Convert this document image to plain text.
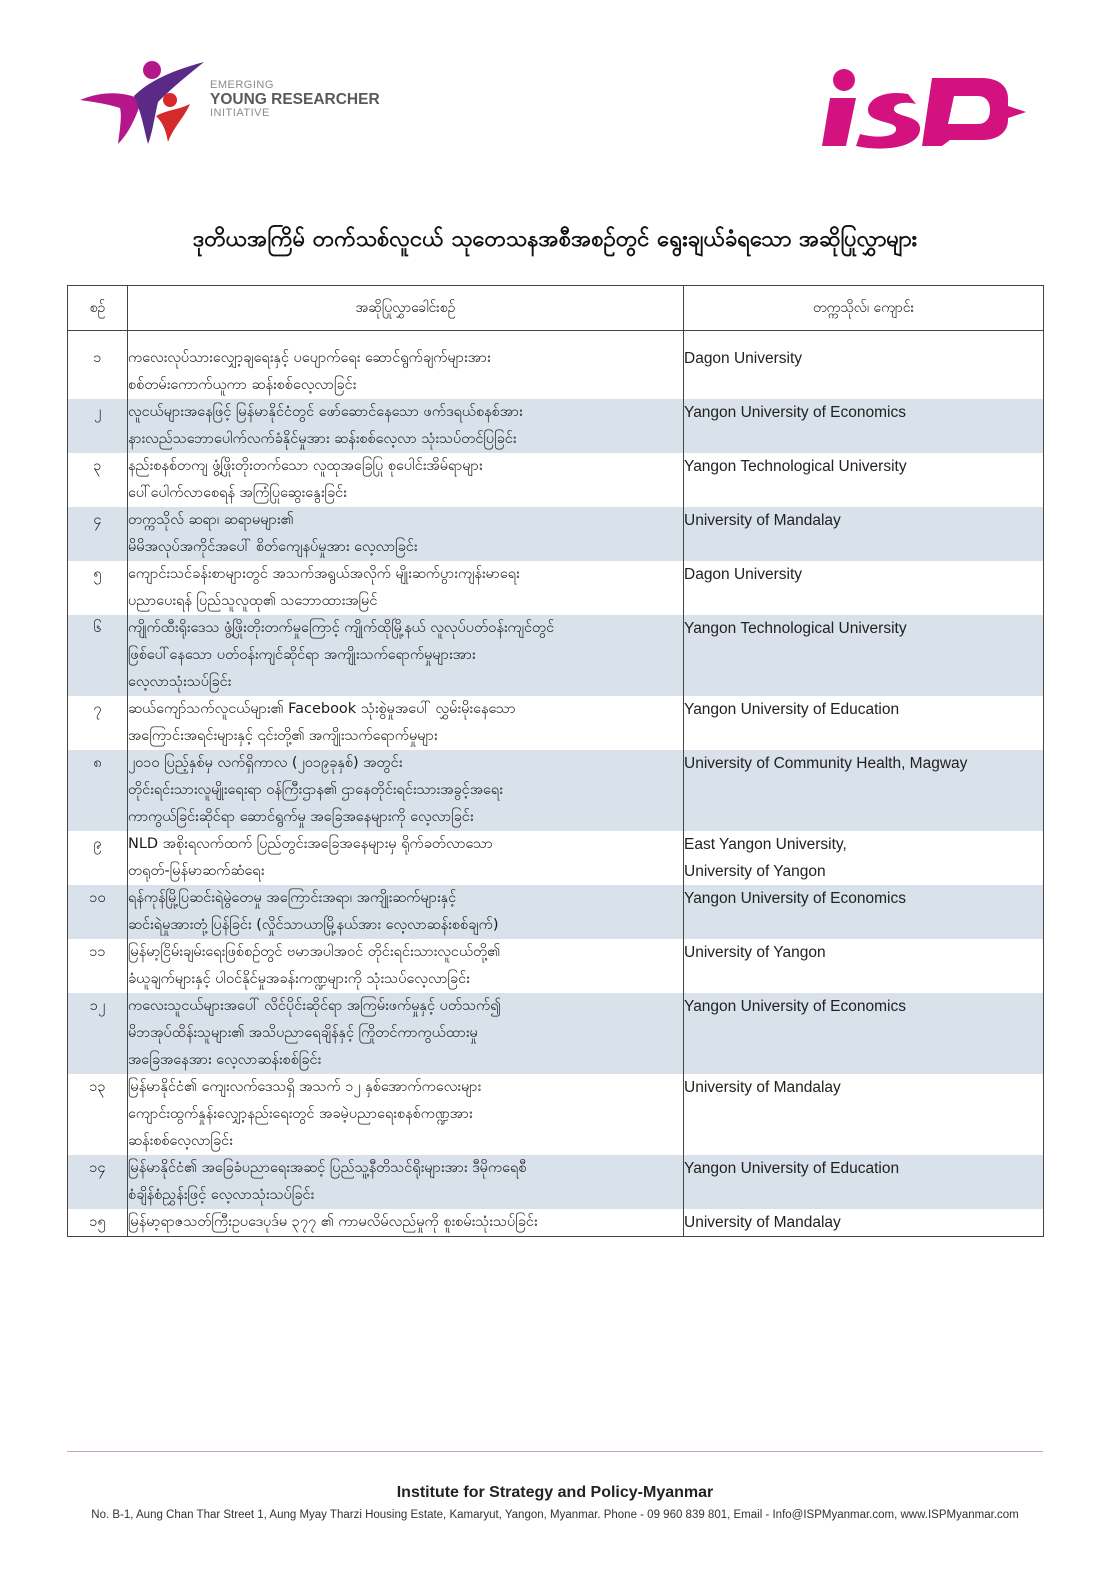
EMERGING
YOUNG RESEARCHER
INITIATIVE	iSP
ဒုတိယအကြိမ် တက်သစ်လူငယ် သုတေသနအစီအစဉ်တွင် ရွေးချယ်ခံရသော အဆိုပြုလွှာများ
စဉ်	အဆိုပြုလွှာခေါင်းစဉ်	တက္ကသိုလ်၊ ကျောင်း
၁	ကလေးလုပ်သားလျှော့ချရေးနှင့် ပပျောက်ရေး ဆောင်ရွက်ချက်များအား
စစ်တမ်းကောက်ယူကာ ဆန်းစစ်လေ့လာခြင်း	Dagon University

၂	လူငယ်များအနေဖြင့် မြန်မာနိုင်ငံတွင် ဖော်ဆောင်နေသော ဖက်ဒရယ်စနစ်အား
နားလည်သဘောပေါက်လက်ခံနိုင်မှုအား ဆန်းစစ်လေ့လာ သုံးသပ်တင်ပြခြင်း	Yangon University of Economics

၃	နည်းစနစ်တကျ ဖွံ့ဖြိုးတိုးတက်သော လူထုအခြေပြု စုပေါင်းအိမ်ရာများ
ပေါ်ပေါက်လာစေရန် အကြံပြုဆွေးနွေးခြင်း	Yangon Technological University

၄	တက္ကသိုလ် ဆရာ၊ ဆရာမများ၏
မိမိအလုပ်အကိုင်အပေါ် စိတ်ကျေနပ်မှုအား လေ့လာခြင်း	University of Mandalay

၅	ကျောင်းသင်ခန်းစာများတွင် အသက်အရွယ်အလိုက် မျိုးဆက်ပွားကျန်းမာရေး
ပညာပေးရန် ပြည်သူလူထု၏ သဘောထားအမြင်	Dagon University

၆	ကျိုက်ထီးရိုးဒေသ ဖွံ့ဖြိုးတိုးတက်မှုကြောင့် ကျိုက်ထိုမြို့နယ် လူလုပ်ပတ်ဝန်းကျင်တွင်
ဖြစ်ပေါ်နေသော ပတ်ဝန်းကျင်ဆိုင်ရာ အကျိုးသက်ရောက်မှုများအား
လေ့လာသုံးသပ်ခြင်း	Yangon Technological University

၇	ဆယ်ကျော်သက်လူငယ်များ၏ Facebook သုံးစွဲမှုအပေါ် လွှမ်းမိုးနေသော
အကြောင်းအရင်းများနှင့် ၎င်းတို့၏ အကျိုးသက်ရောက်မှုများ	Yangon University of Education

၈	၂၀၁၀ ပြည့်နှစ်မှ လက်ရှိကာလ (၂၀၁၉ခုနှစ်) အတွင်း
တိုင်းရင်းသားလူမျိုးရေးရာ ဝန်ကြီးဌာန၏ ဌာနေတိုင်းရင်းသားအခွင့်အရေး
ကာကွယ်ခြင်းဆိုင်ရာ ဆောင်ရွက်မှု အခြေအနေများကို လေ့လာခြင်း	University of Community Health, Magway

၉	NLD အစိုးရလက်ထက် ပြည်တွင်းအခြေအနေများမှ ရိုက်ခတ်လာသော
တရုတ်-မြန်မာဆက်ဆံရေး	East Yangon University,
University of Yangon

၁၀	ရန်ကုန်မြို့ပြဆင်းရဲမွဲတေမှု အကြောင်းအရာ၊ အကျိုးဆက်များနှင့်
ဆင်းရဲမှုအားတုံ့ပြန်ခြင်း (လှိုင်သာယာမြို့နယ်အား လေ့လာဆန်းစစ်ချက်)	Yangon University of Economics

၁၁	မြန်မာ့ငြိမ်းချမ်းရေးဖြစ်စဉ်တွင် ဗမာအပါအဝင် တိုင်းရင်းသားလူငယ်တို့၏
ခံယူချက်များနှင့် ပါဝင်နိုင်မှုအခန်းကဏ္ဍများကို သုံးသပ်လေ့လာခြင်း	University of Yangon

၁၂	ကလေးသူငယ်များအပေါ် လိင်ပိုင်းဆိုင်ရာ အကြမ်းဖက်မှုနှင့် ပတ်သက်၍
မိဘအုပ်ထိန်းသူများ၏ အသိပညာရေချိန်နှင့် ကြိုတင်ကာကွယ်ထားမှု
အခြေအနေအား လေ့လာဆန်းစစ်ခြင်း	Yangon University of Economics

၁၃	မြန်မာနိုင်ငံ၏ ကျေးလက်ဒေသရှိ အသက် ၁၂ နှစ်အောက်ကလေးများ
ကျောင်းထွက်နှုန်းလျှော့နည်းရေးတွင် အခမဲ့ပညာရေးစနစ်ကဏ္ဍအား
ဆန်းစစ်လေ့လာခြင်း	University of Mandalay

၁၄	မြန်မာနိုင်ငံ၏ အခြေခံပညာရေးအဆင့် ပြည်သူ့နီတိသင်ရိုးများအား ဒီမိုကရေစီ
စံချိန်စံညွှန်းဖြင့် လေ့လာသုံးသပ်ခြင်း	Yangon University of Education

၁၅	မြန်မာ့ရာဇသတ်ကြီးဥပဒေပုဒ်မ ၃၇၇ ၏ ကာမလိမ်လည်မှုကို စူးစမ်းသုံးသပ်ခြင်း	University of Mandalay
Institute for Strategy and Policy-Myanmar
No. B-1, Aung Chan Thar Street 1, Aung Myay Tharzi Housing Estate, Kamaryut, Yangon, Myanmar. Phone - 09 960 839 801, Email - Info@ISPMyanmar.com, www.ISPMyanmar.com
